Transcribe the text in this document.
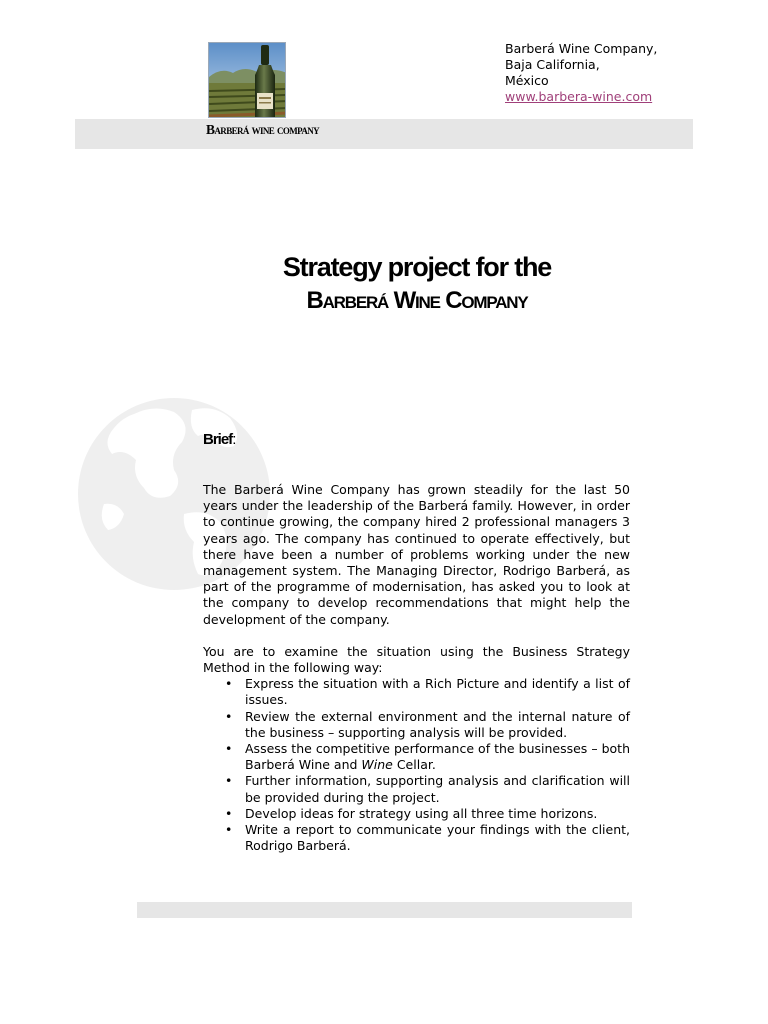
Barberá Wine Company,
Baja California,
México
www.barbera-wine.com
Barberá wine company
Strategy project for the
Barberá Wine Company
Brief:

The Barberá Wine Company has grown steadily for the last 50 years under the leadership of the Barberá family. However, in order to continue growing, the company hired 2 professional managers 3 years ago. The company has continued to operate effectively, but there have been a number of problems working under the new management system. The Managing Director, Rodrigo Barberá, as part of the programme of modernisation, has asked you to look at the company to develop recommendations that might help the development of the company.

You are to examine the situation using the Business Strategy Method in the following way:

• Express the situation with a Rich Picture and identify a list of issues.
• Review the external environment and the internal nature of the business – supporting analysis will be provided.
• Assess the competitive performance of the businesses – both Barberá Wine and Wine Cellar.
• Further information, supporting analysis and clarification will be provided during the project.
• Develop ideas for strategy using all three time horizons.
• Write a report to communicate your findings with the client, Rodrigo Barberá.
